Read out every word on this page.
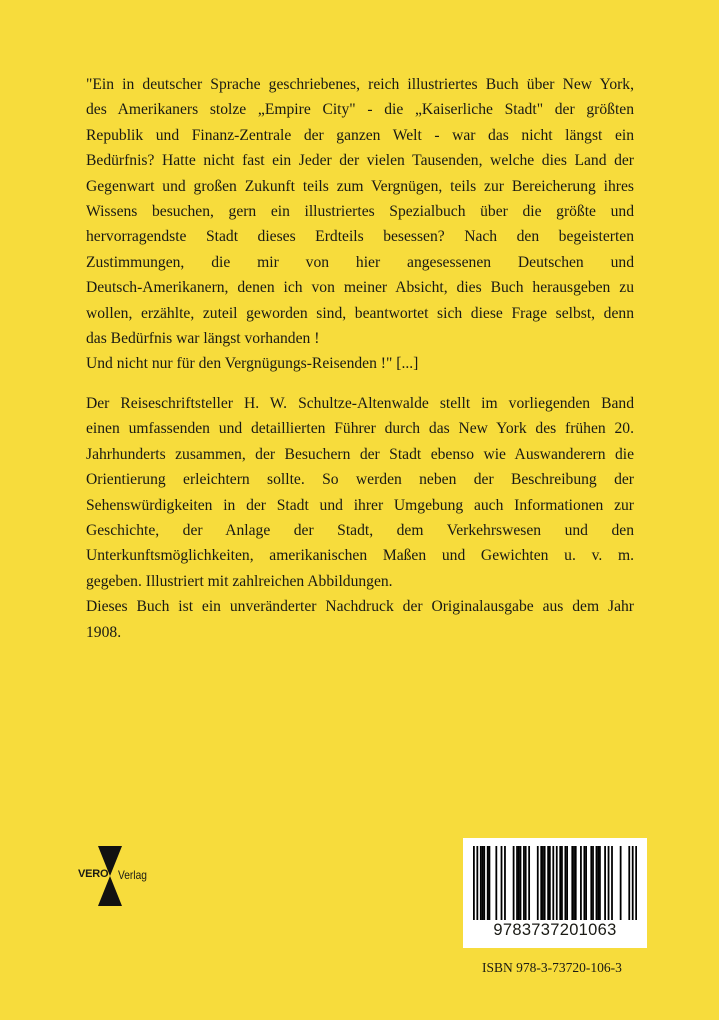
"Ein in deutscher Sprache geschriebenes, reich illustriertes Buch über New York,
des Amerikaners stolze „Empire City" - die „Kaiserliche Stadt" der größten
Republik und Finanz-Zentrale der ganzen Welt - war das nicht längst ein
Bedürfnis? Hatte nicht fast ein Jeder der vielen Tausenden, welche dies Land der
Gegenwart und großen Zukunft teils zum Vergnügen, teils zur Bereicherung ihres
Wissens besuchen, gern ein illustriertes Spezialbuch über die größte und
hervorragendste Stadt dieses Erdteils besessen? Nach den begeisterten
Zustimmungen, die mir von hier angesessenen Deutschen und
Deutsch-Amerikanern, denen ich von meiner Absicht, dies Buch herausgeben zu
wollen, erzählte, zuteil geworden sind, beantwortet sich diese Frage selbst, denn
das Bedürfnis war längst vorhanden !
Und nicht nur für den Vergnügungs-Reisenden !" [...]
Der Reiseschriftsteller H. W. Schultze-Altenwalde stellt im vorliegenden Band
einen umfassenden und detaillierten Führer durch das New York des frühen 20.
Jahrhunderts zusammen, der Besuchern der Stadt ebenso wie Auswanderern die
Orientierung erleichtern sollte. So werden neben der Beschreibung der
Sehenswürdigkeiten in der Stadt und ihrer Umgebung auch Informationen zur
Geschichte, der Anlage der Stadt, dem Verkehrswesen und den
Unterkunftsmöglichkeiten, amerikanischen Maßen und Gewichten u. v. m.
gegeben. Illustriert mit zahlreichen Abbildungen.
Dieses Buch ist ein unveränderter Nachdruck der Originalausgabe aus dem Jahr
1908.
VERO Verlag
9783737201063
ISBN 978-3-73720-106-3
